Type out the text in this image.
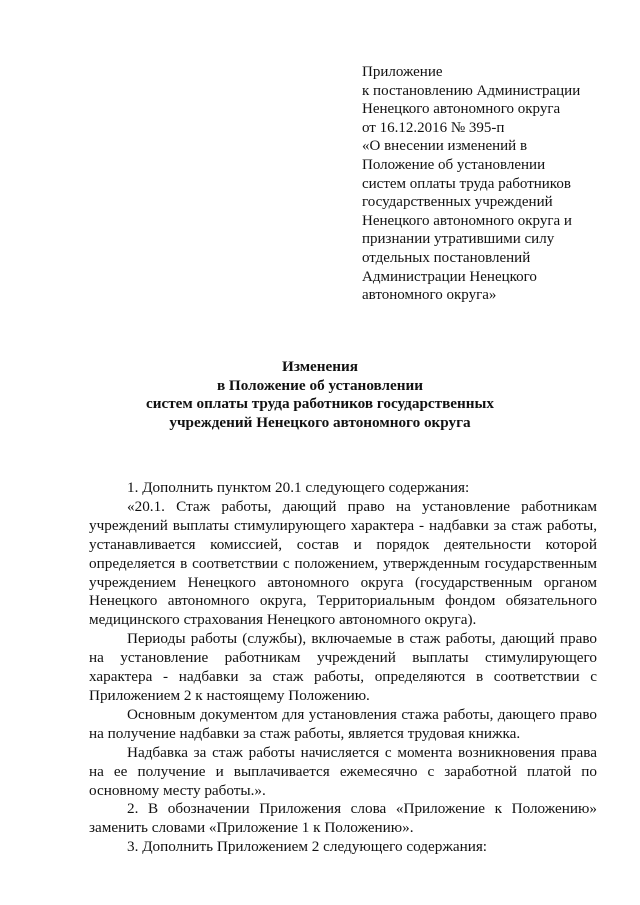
Приложение
к постановлению Администрации
Ненецкого автономного округа
от 16.12.2016 № 395-п
«О внесении изменений в
Положение об установлении
систем оплаты труда работников
государственных учреждений
Ненецкого автономного округа и
признании утратившими силу
отдельных постановлений
Администрации Ненецкого
автономного округа»
Изменения
в Положение об установлении
систем оплаты труда работников государственных
учреждений Ненецкого автономного округа

1. Дополнить пунктом 20.1 следующего содержания:

«20.1. Стаж работы, дающий право на установление работникам учреждений выплаты стимулирующего характера - надбавки за стаж работы, устанавливается комиссией, состав и порядок деятельности которой определяется в соответствии с положением, утвержденным государственным учреждением Ненецкого автономного округа (государственным органом Ненецкого автономного округа, Территориальным фондом обязательного медицинского страхования Ненецкого автономного округа).

Периоды работы (службы), включаемые в стаж работы, дающий право на установление работникам учреждений выплаты стимулирующего характера - надбавки за стаж работы, определяются в соответствии с Приложением 2 к настоящему Положению.

Основным документом для установления стажа работы, дающего право на получение надбавки за стаж работы, является трудовая книжка.

Надбавка за стаж работы начисляется с момента возникновения права на ее получение и выплачивается ежемесячно с заработной платой по основному месту работы.».

2. В обозначении Приложения слова «Приложение к Положению» заменить словами «Приложение 1 к Положению».

3. Дополнить Приложением 2 следующего содержания:
